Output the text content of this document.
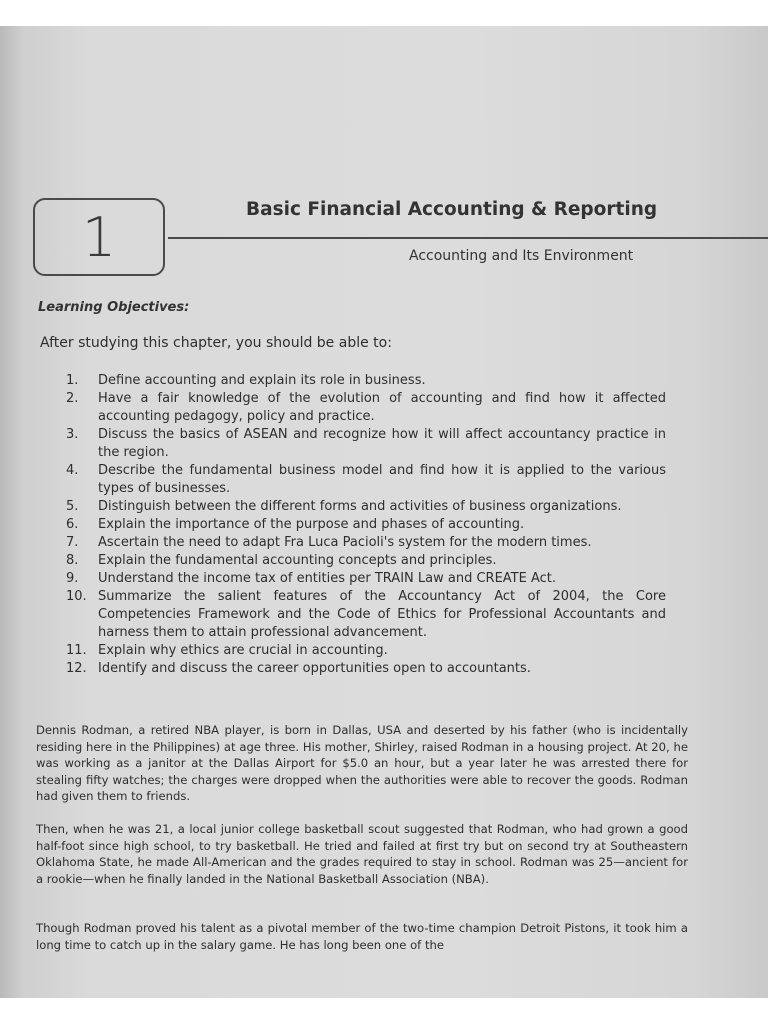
1	Basic Financial Accounting & Reporting
Accounting and Its Environment
Learning Objectives:
After studying this chapter, you should be able to:
1.	Define accounting and explain its role in business.
2.	Have a fair knowledge of the evolution of accounting and find how it affected accounting pedagogy, policy and practice.
3.	Discuss the basics of ASEAN and recognize how it will affect accountancy practice in the region.
4.	Describe the fundamental business model and find how it is applied to the various types of businesses.
5.	Distinguish between the different forms and activities of business organizations.
6.	Explain the importance of the purpose and phases of accounting.
7.	Ascertain the need to adapt Fra Luca Pacioli's system for the modern times.
8.	Explain the fundamental accounting concepts and principles.
9.	Understand the income tax of entities per TRAIN Law and CREATE Act.
10. Summarize the salient features of the Accountancy Act of 2004, the Core Competencies Framework and the Code of Ethics for Professional Accountants and harness them to attain professional advancement.
11. Explain why ethics are crucial in accounting.
12. Identify and discuss the career opportunities open to accountants.

Dennis Rodman, a retired NBA player, is born in Dallas, USA and deserted by his father (who is incidentally residing here in the Philippines) at age three. His mother, Shirley, raised Rodman in a housing project. At 20, he was working as a janitor at the Dallas Airport for $5.0 an hour, but a year later he was arrested there for stealing fifty watches; the charges were dropped when the authorities were able to recover the goods. Rodman had given them to friends.

Then, when he was 21, a local junior college basketball scout suggested that Rodman, who had grown a good half-foot since high school, to try basketball. He tried and failed at first try but on second try at Southeastern Oklahoma State, he made All-American and the grades required to stay in school. Rodman was 25—ancient for a rookie—when he finally landed in the National Basketball Association (NBA).

Though Rodman proved his talent as a pivotal member of the two-time champion Detroit Pistons, it took him a long time to catch up in the salary game. He has long been one of the
